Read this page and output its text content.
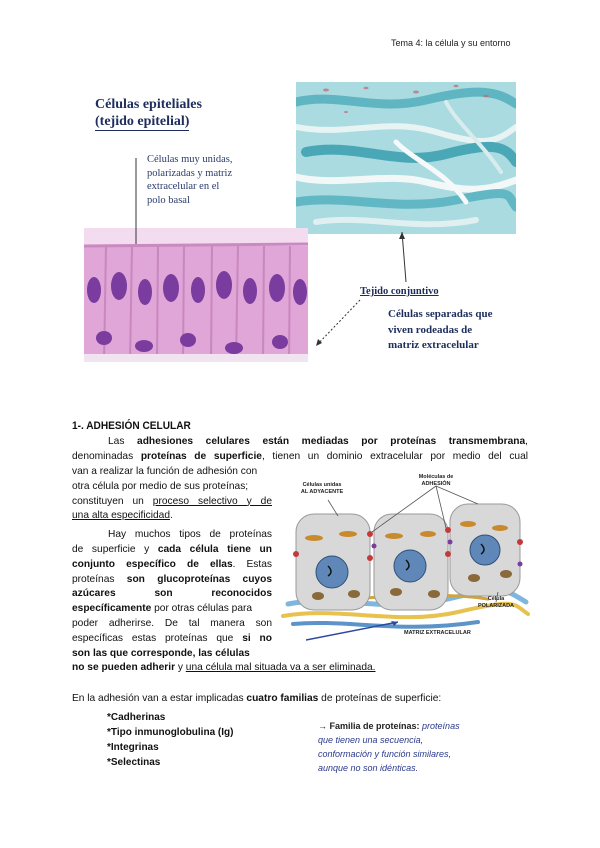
Tema 4: la célula y su entorno
Células epiteliales
(tejido epitelial)
Células muy unidas,
polarizadas y matriz
extracelular en el
polo basal
Tejido conjuntivo
Células separadas que
viven rodeadas de
matriz extracelular
1-. ADHESIÓN CELULAR
Las adhesiones celulares están mediadas por proteínas transmembrana,
denominadas proteínas de superficie, tienen un dominio extracelular por medio del cual
van a realizar la función de adhesión con
otra célula por medio de sus proteínas;
constituyen un proceso selectivo y de
una alta especificidad.
Hay muchos tipos de proteínas
de superficie y cada célula tiene un
conjunto específico de ellas. Estas
proteínas son glucoproteínas cuyos
azúcares	son	reconocidos
específicamente por otras células para
poder adherirse. De tal manera son
específicas estas proteínas que si no
son las que corresponde, las células
no se pueden adherir y una célula mal situada va a ser eliminada.
Células unidas
AL ADYACENTE
Moléculas de
ADHESIÓN
Célula
POLARIZADA
MATRIZ EXTRACELULAR
En la adhesión van a estar implicadas cuatro familias de proteínas de superficie:
*Cadherinas
*Tipo inmunoglobulina (Ig)
*Integrinas
*Selectinas
→ Familia de proteínas: proteínas
que tienen una secuencia,
conformación y función similares,
aunque no son idénticas.
